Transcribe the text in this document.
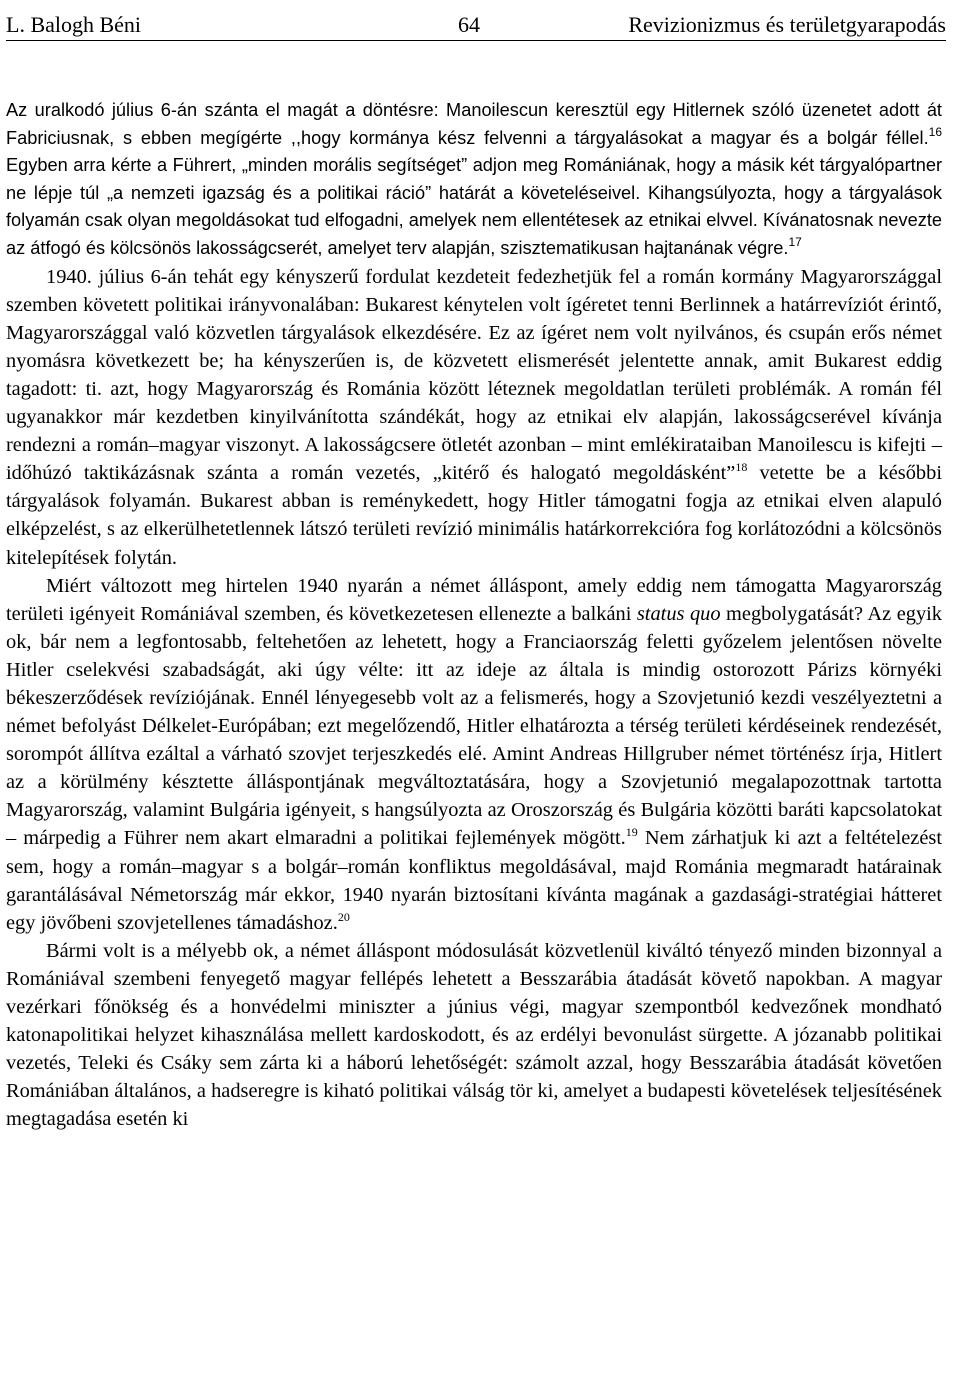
L. Balogh Béni	64	Revizionizmus és területgyarapodás

Az uralkodó július 6-án szánta el magát a döntésre: Manoilescun keresztül egy Hitlernek szóló üzenetet adott át Fabriciusnak, s ebben megígérte ,,hogy kormánya kész felvenni a tárgyalásokat a magyar és a bolgár féllel.$^{16}$ Egyben arra kérte a Führert, „minden morális segítséget” adjon meg Romániának, hogy a másik két tárgyalópartner ne lépje túl „a nemzeti igazság és a politikai ráció” határát a követeléseivel. Kihangsúlyozta, hogy a tárgyalások folyamán csak olyan megoldásokat tud elfogadni, amelyek nem ellentétesek az etnikai elvvel. Kívánatosnak nevezte az átfogó és kölcsönös lakosságcserét, amelyet terv alapján, szisztematikusan hajtanának végre.$^{17}$

1940. július 6-án tehát egy kényszerű fordulat kezdeteit fedezhetjük fel a román kormány Magyarországgal szemben követett politikai irányvonalában: Bukarest kénytelen volt ígéretet tenni Berlinnek a határrevíziót érintő, Magyarországgal való közvetlen tárgyalások elkezdésére. Ez az ígéret nem volt nyilvános, és csupán erős német nyomásra következett be; ha kényszerűen is, de közvetett elismerését jelentette annak, amit Bukarest eddig tagadott: ti. azt, hogy Magyarország és Románia között léteznek megoldatlan területi problémák. A román fél ugyanakkor már kezdetben kinyilvánította szándékát, hogy az etnikai elv alapján, lakosságcserével kívánja rendezni a román–magyar viszonyt. A lakosságcsere ötletét azonban – mint emlékirataiban Manoilescu is kifejti – időhúzó taktikázásnak szánta a román vezetés, „kitérő és halogató megoldásként”$^{18}$ vetette be a későbbi tárgyalások folyamán. Bukarest abban is reménykedett, hogy Hitler támogatni fogja az etnikai elven alapuló elképzelést, s az elkerülhetetlennek látszó területi revízió minimális határkorrekcióra fog korlátozódni a kölcsönös kitelepítések folytán.

Miért változott meg hirtelen 1940 nyarán a német álláspont, amely eddig nem támogatta Magyarország területi igényeit Romániával szemben, és következetesen ellenezte a balkáni status quo megbolygatását? Az egyik ok, bár nem a legfontosabb, feltehetően az lehetett, hogy a Franciaország feletti győzelem jelentősen növelte Hitler cselekvési szabadságát, aki úgy vélte: itt az ideje az általa is mindig ostorozott Párizs környéki békeszerződések revíziójának. Ennél lényegesebb volt az a felismerés, hogy a Szovjetunió kezdi veszélyeztetni a német befolyást Délkelet-Európában; ezt megelőzendő, Hitler elhatározta a térség területi kérdéseinek rendezését, sorompót állítva ezáltal a várható szovjet terjeszkedés elé. Amint Andreas Hillgruber német történész írja, Hitlert az a körülmény késztette álláspontjának megváltoztatására, hogy a Szovjetunió megalapozottnak tartotta Magyarország, valamint Bulgária igényeit, s hangsúlyozta az Oroszország és Bulgária közötti baráti kapcsolatokat – márpedig a Führer nem akart elmaradni a politikai fejlemények mögött.$^{19}$ Nem zárhatjuk ki azt a feltételezést sem, hogy a román–magyar s a bolgár–román konfliktus megoldásával, majd Románia megmaradt határainak garantálásával Németország már ekkor, 1940 nyarán biztosítani kívánta magának a gazdasági-stratégiai hátteret egy jövőbeni szovjetellenes támadáshoz.$^{20}$

Bármi volt is a mélyebb ok, a német álláspont módosulását közvetlenül kiváltó tényező minden bizonnyal a Romániával szembeni fenyegető magyar fellépés lehetett a Besszarábia átadását követő napokban. A magyar vezérkari főnökség és a honvédelmi miniszter a június végi, magyar szempontból kedvezőnek mondható katonapolitikai helyzet kihasználása mellett kardoskodott, és az erdélyi bevonulást sürgette. A józanabb politikai vezetés, Teleki és Csáky sem zárta ki a háború lehetőségét: számolt azzal, hogy Besszarábia átadását követően Romániában általános, a hadseregre is kiható politikai válság tör ki, amelyet a budapesti követelések teljesítésének megtagadása esetén ki
